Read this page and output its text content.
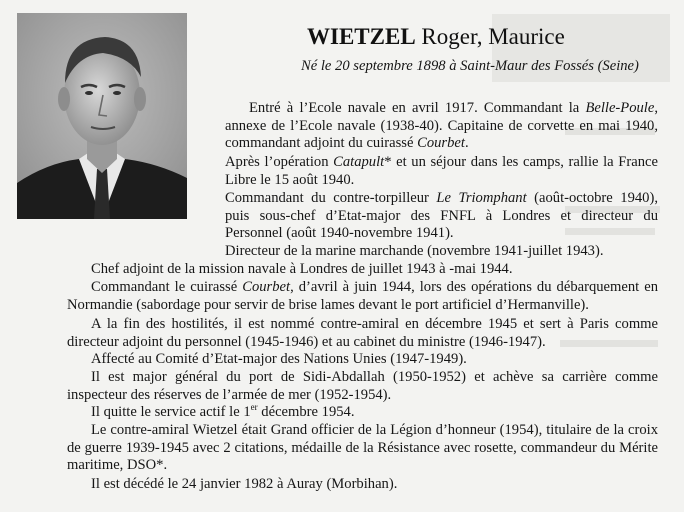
WIETZEL Roger, Maurice
Né le 20 septembre 1898 à Saint-Maur des Fossés (Seine)

Entré à l’Ecole navale en avril 1917. Commandant la Belle-Poule, annexe de l’Ecole navale (1938-40). Capitaine de corvette en mai 1940, commandant adjoint du cuirassé Courbet.

Après l’opération Catapult* et un séjour dans les camps, rallie la France Libre le 15 août 1940.

Commandant du contre-torpilleur Le Triomphant (août-octobre 1940), puis sous-chef d’Etat-major des FNFL à Londres et directeur du Personnel (août 1940-novembre 1941).

Directeur de la marine marchande (novembre 1941-juillet 1943).

Chef adjoint de la mission navale à Londres de juillet 1943 à -mai 1944.

Commandant le cuirassé Courbet, d’avril à juin 1944, lors des opérations du débarquement en Normandie (sabordage pour servir de brise lames devant le port artificiel d’Hermanville).

A la fin des hostilités, il est nommé contre-amiral en décembre 1945 et sert à Paris comme directeur adjoint du personnel (1945-1946) et au cabinet du ministre (1946-1947).

Affecté au Comité d’Etat-major des Nations Unies (1947-1949).

Il est major général du port de Sidi-Abdallah (1950-1952) et achève sa carrière comme inspecteur des réserves de l’armée de mer (1952-1954).

Il quitte le service actif le 1er décembre 1954.

Le contre-amiral Wietzel était Grand officier de la Légion d’honneur (1954), titulaire de la croix de guerre 1939-1945 avec 2 citations, médaille de la Résistance avec rosette, commandeur du Mérite maritime, DSO*.

Il est décédé le 24 janvier 1982 à Auray (Morbihan).
